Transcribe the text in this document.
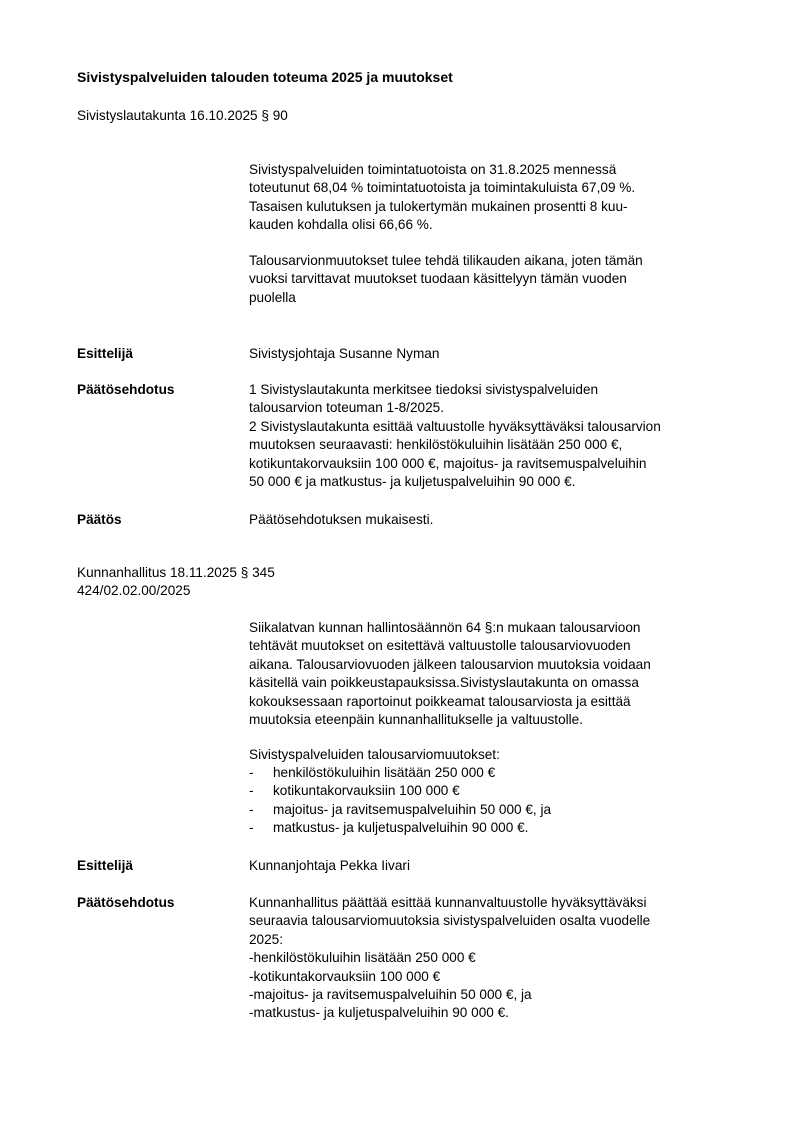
Sivistyspalveluiden talouden toteuma 2025 ja muutokset
Sivistyslautakunta 16.10.2025 § 90
Sivistyspalveluiden toimintatuotoista on 31.8.2025 mennessä
toteutunut 68,04 % toimintatuotoista ja toimintakuluista 67,09 %.
Tasaisen kulutuksen ja tulokertymän mukainen prosentti 8 kuu-
kauden kohdalla olisi 66,66 %.
Talousarvionmuutokset tulee tehdä tilikauden aikana, joten tämän
vuoksi tarvittavat muutokset tuodaan käsittelyyn tämän vuoden
puolella
Esittelijä	Sivistysjohtaja Susanne Nyman
Päätösehdotus	1 Sivistyslautakunta merkitsee tiedoksi sivistyspalveluiden
talousarvion toteuman 1-8/2025.
2 Sivistyslautakunta esittää valtuustolle hyväksyttäväksi talousarvion
muutoksen seuraavasti: henkilöstökuluihin lisätään 250 000 €,
kotikuntakorvauksiin 100 000 €, majoitus- ja ravitsemuspalveluihin
50 000 € ja matkustus- ja kuljetuspalveluihin 90 000 €.
Päätös	Päätösehdotuksen mukaisesti.
Kunnanhallitus 18.11.2025 § 345
424/02.02.00/2025
Siikalatvan kunnan hallintosäännön 64 §:n mukaan talousarvioon
tehtävät muutokset on esitettävä valtuustolle talousarviovuoden
aikana. Talousarviovuoden jälkeen talousarvion muutoksia voidaan
käsitellä vain poikkeustapauksissa.Sivistyslautakunta on omassa
kokouksessaan raportoinut poikkeamat talousarviosta ja esittää
muutoksia eteenpäin kunnanhallitukselle ja valtuustolle.
Sivistyspalveluiden talousarviomuutokset:
- henkilöstökuluihin lisätään 250 000 €
- kotikuntakorvauksiin 100 000 €
- majoitus- ja ravitsemuspalveluihin 50 000 €, ja
- matkustus- ja kuljetuspalveluihin 90 000 €.
Esittelijä	Kunnanjohtaja Pekka Iivari
Päätösehdotus	Kunnanhallitus päättää esittää kunnanvaltuustolle hyväksyttäväksi
seuraavia talousarviomuutoksia sivistyspalveluiden osalta vuodelle
2025:
-henkilöstökuluihin lisätään 250 000 €
-kotikuntakorvauksiin 100 000 €
-majoitus- ja ravitsemuspalveluihin 50 000 €, ja
-matkustus- ja kuljetuspalveluihin 90 000 €.
